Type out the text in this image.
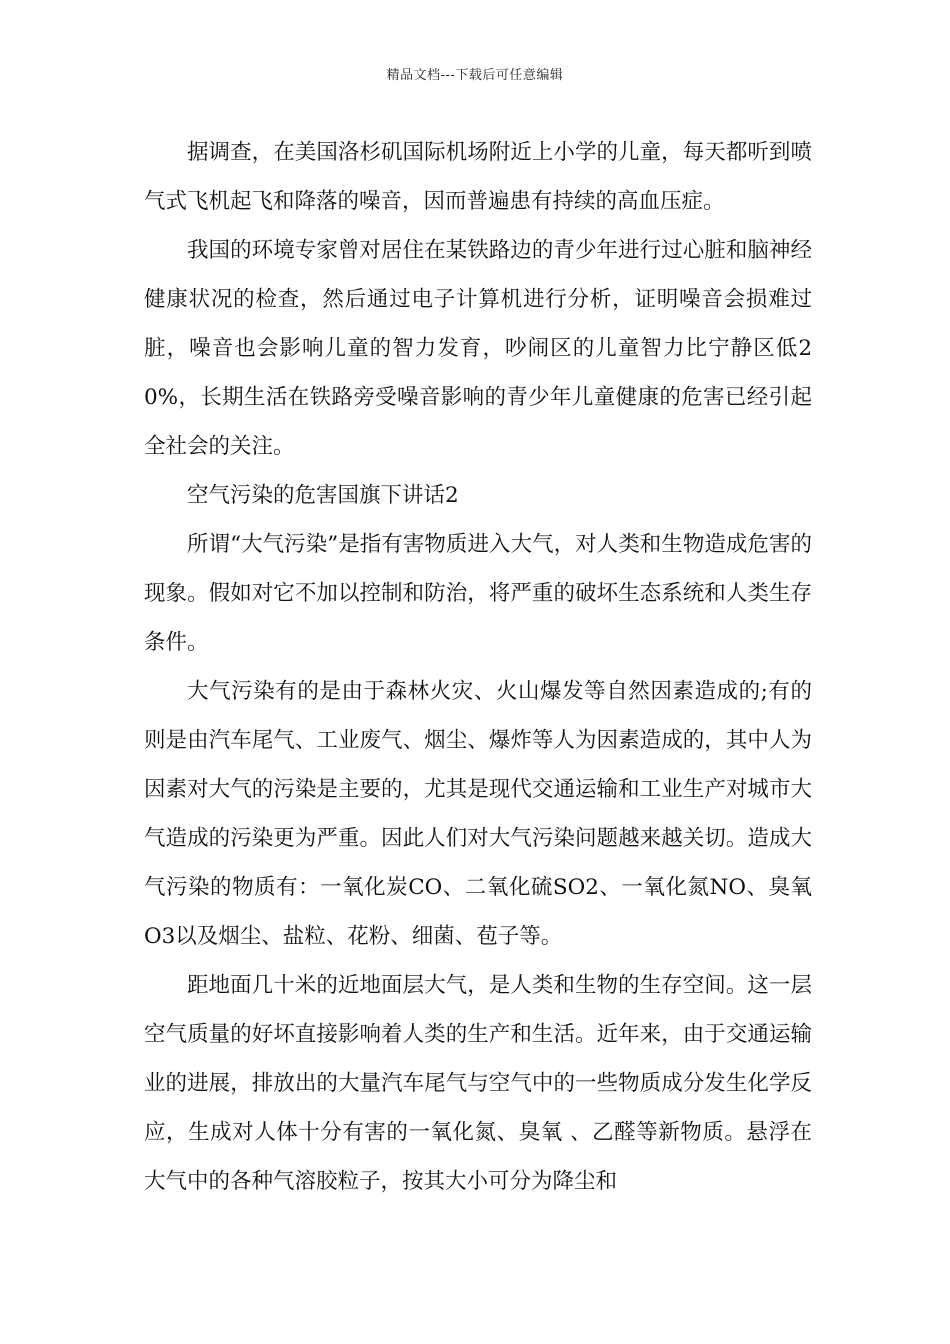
精品文档---下载后可任意编辑

据调查，在美国洛杉矶国际机场附近上小学的儿童，每天都听到喷气式飞机起飞和降落的噪音，因而普遍患有持续的高血压症。

我国的环境专家曾对居住在某铁路边的青少年进行过心脏和脑神经健康状况的检查，然后通过电子计算机进行分析，证明噪音会损难过脏，噪音也会影响儿童的智力发育，吵闹区的儿童智力比宁静区低20%，长期生活在铁路旁受噪音影响的青少年儿童健康的危害已经引起全社会的关注。

空气污染的危害国旗下讲话2

所谓“大气污染”是指有害物质进入大气，对人类和生物造成危害的现象。假如对它不加以控制和防治，将严重的破坏生态系统和人类生存条件。

大气污染有的是由于森林火灾、火山爆发等自然因素造成的;有的则是由汽车尾气、工业废气、烟尘、爆炸等人为因素造成的，其中人为因素对大气的污染是主要的，尤其是现代交通运输和工业生产对城市大气造成的污染更为严重。因此人们对大气污染问题越来越关切。造成大气污染的物质有：一氧化炭CO、二氧化硫SO2、一氧化氮NO、臭氧O3以及烟尘、盐粒、花粉、细菌、苞子等。

距地面几十米的近地面层大气，是人类和生物的生存空间。这一层空气质量的好坏直接影响着人类的生产和生活。近年来，由于交通运输业的进展，排放出的大量汽车尾气与空气中的一些物质成分发生化学反应，生成对人体十分有害的一氧化氮、臭氧 、乙醛等新物质。悬浮在大气中的各种气溶胶粒子，按其大小可分为降尘和
